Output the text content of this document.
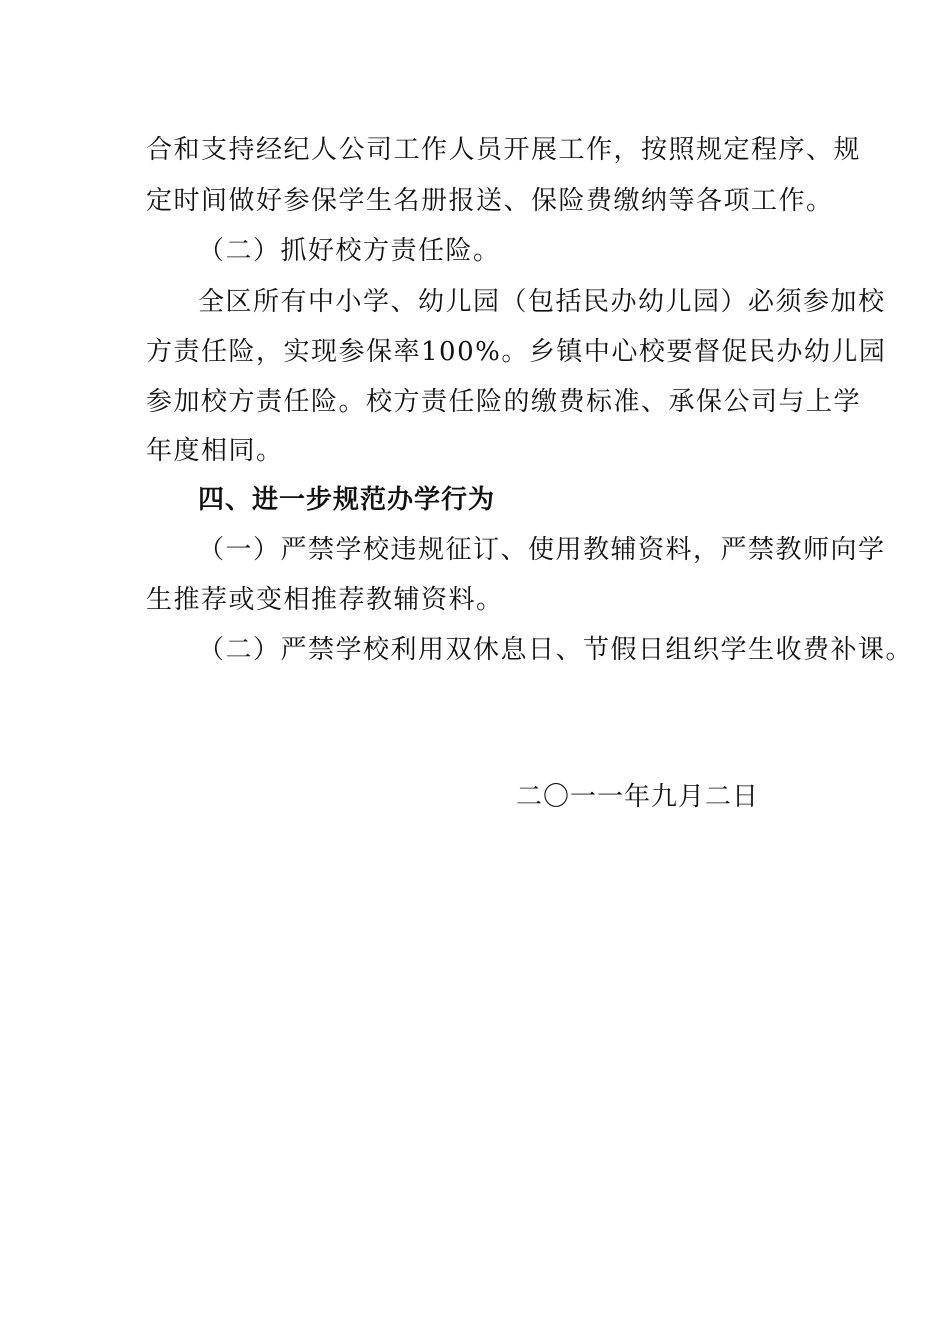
合和支持经纪人公司工作人员开展工作，按照规定程序、规
定时间做好参保学生名册报送、保险费缴纳等各项工作。
（二）抓好校方责任险。
全区所有中小学、幼儿园（包括民办幼儿园）必须参加校
方责任险，实现参保率100%。乡镇中心校要督促民办幼儿园
参加校方责任险。校方责任险的缴费标准、承保公司与上学
年度相同。
四、进一步规范办学行为
（一）严禁学校违规征订、使用教辅资料，严禁教师向学
生推荐或变相推荐教辅资料。
（二）严禁学校利用双休息日、节假日组织学生收费补课。
二〇一一年九月二日
